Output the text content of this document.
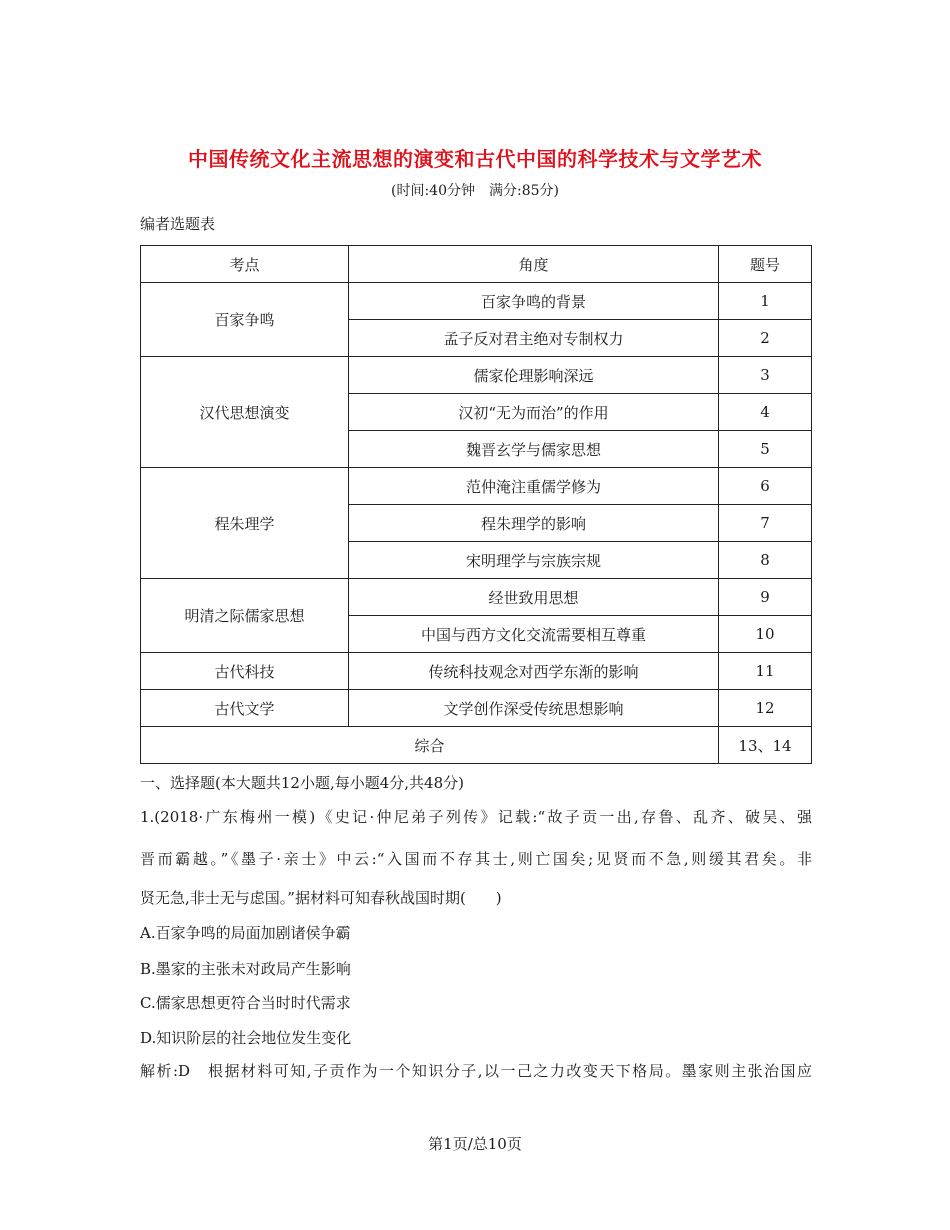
中国传统文化主流思想的演变和古代中国的科学技术与文学艺术
(时间:40分钟　满分:85分)
编者选题表
考点	角度	题号
百家争鸣	百家争鸣的背景	1
	孟子反对君主绝对专制权力	2
汉代思想演变	儒家伦理影响深远	3
	汉初“无为而治”的作用	4
	魏晋玄学与儒家思想	5
程朱理学	范仲淹注重儒学修为	6
	程朱理学的影响	7
	宋明理学与宗族宗规	8
明清之际儒家思想	经世致用思想	9
	中国与西方文化交流需要相互尊重	10
古代科技	传统科技观念对西学东渐的影响	11
古代文学	文学创作深受传统思想影响	12
综合		13、14
一、选择题(本大题共12小题,每小题4分,共48分)
1.(2018·广东梅州一模)《史记·仲尼弟子列传》记载:“故子贡一出,存鲁、乱齐、破吴、强
晋而霸越。”《墨子·亲士》中云:“入国而不存其士,则亡国矣;见贤而不急,则缓其君矣。非
贤无急,非士无与虑国。”据材料可知春秋战国时期(　　)
A.百家争鸣的局面加剧诸侯争霸
B.墨家的主张未对政局产生影响
C.儒家思想更符合当时时代需求
D.知识阶层的社会地位发生变化
解析:D　根据材料可知,子贡作为一个知识分子,以一己之力改变天下格局。墨家则主张治国应
第1页/总10页
